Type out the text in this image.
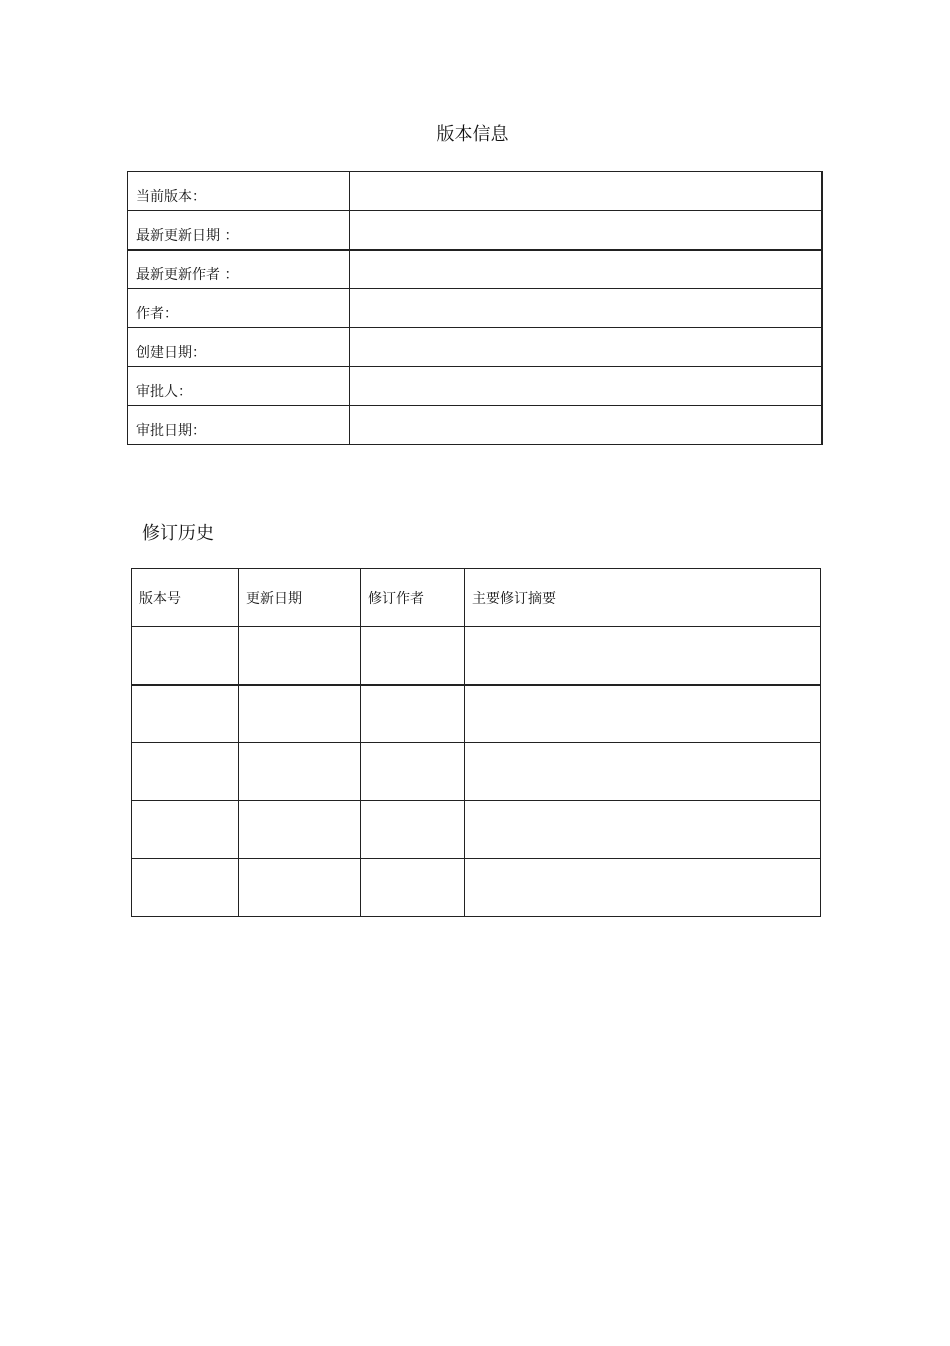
版本信息
当前版本：	
最新更新日期 ：	
最新更新作者 ：	
作者：	
创建日期：	
审批人：	
审批日期：	
修订历史
版本号	更新日期	修订作者	主要修订摘要
